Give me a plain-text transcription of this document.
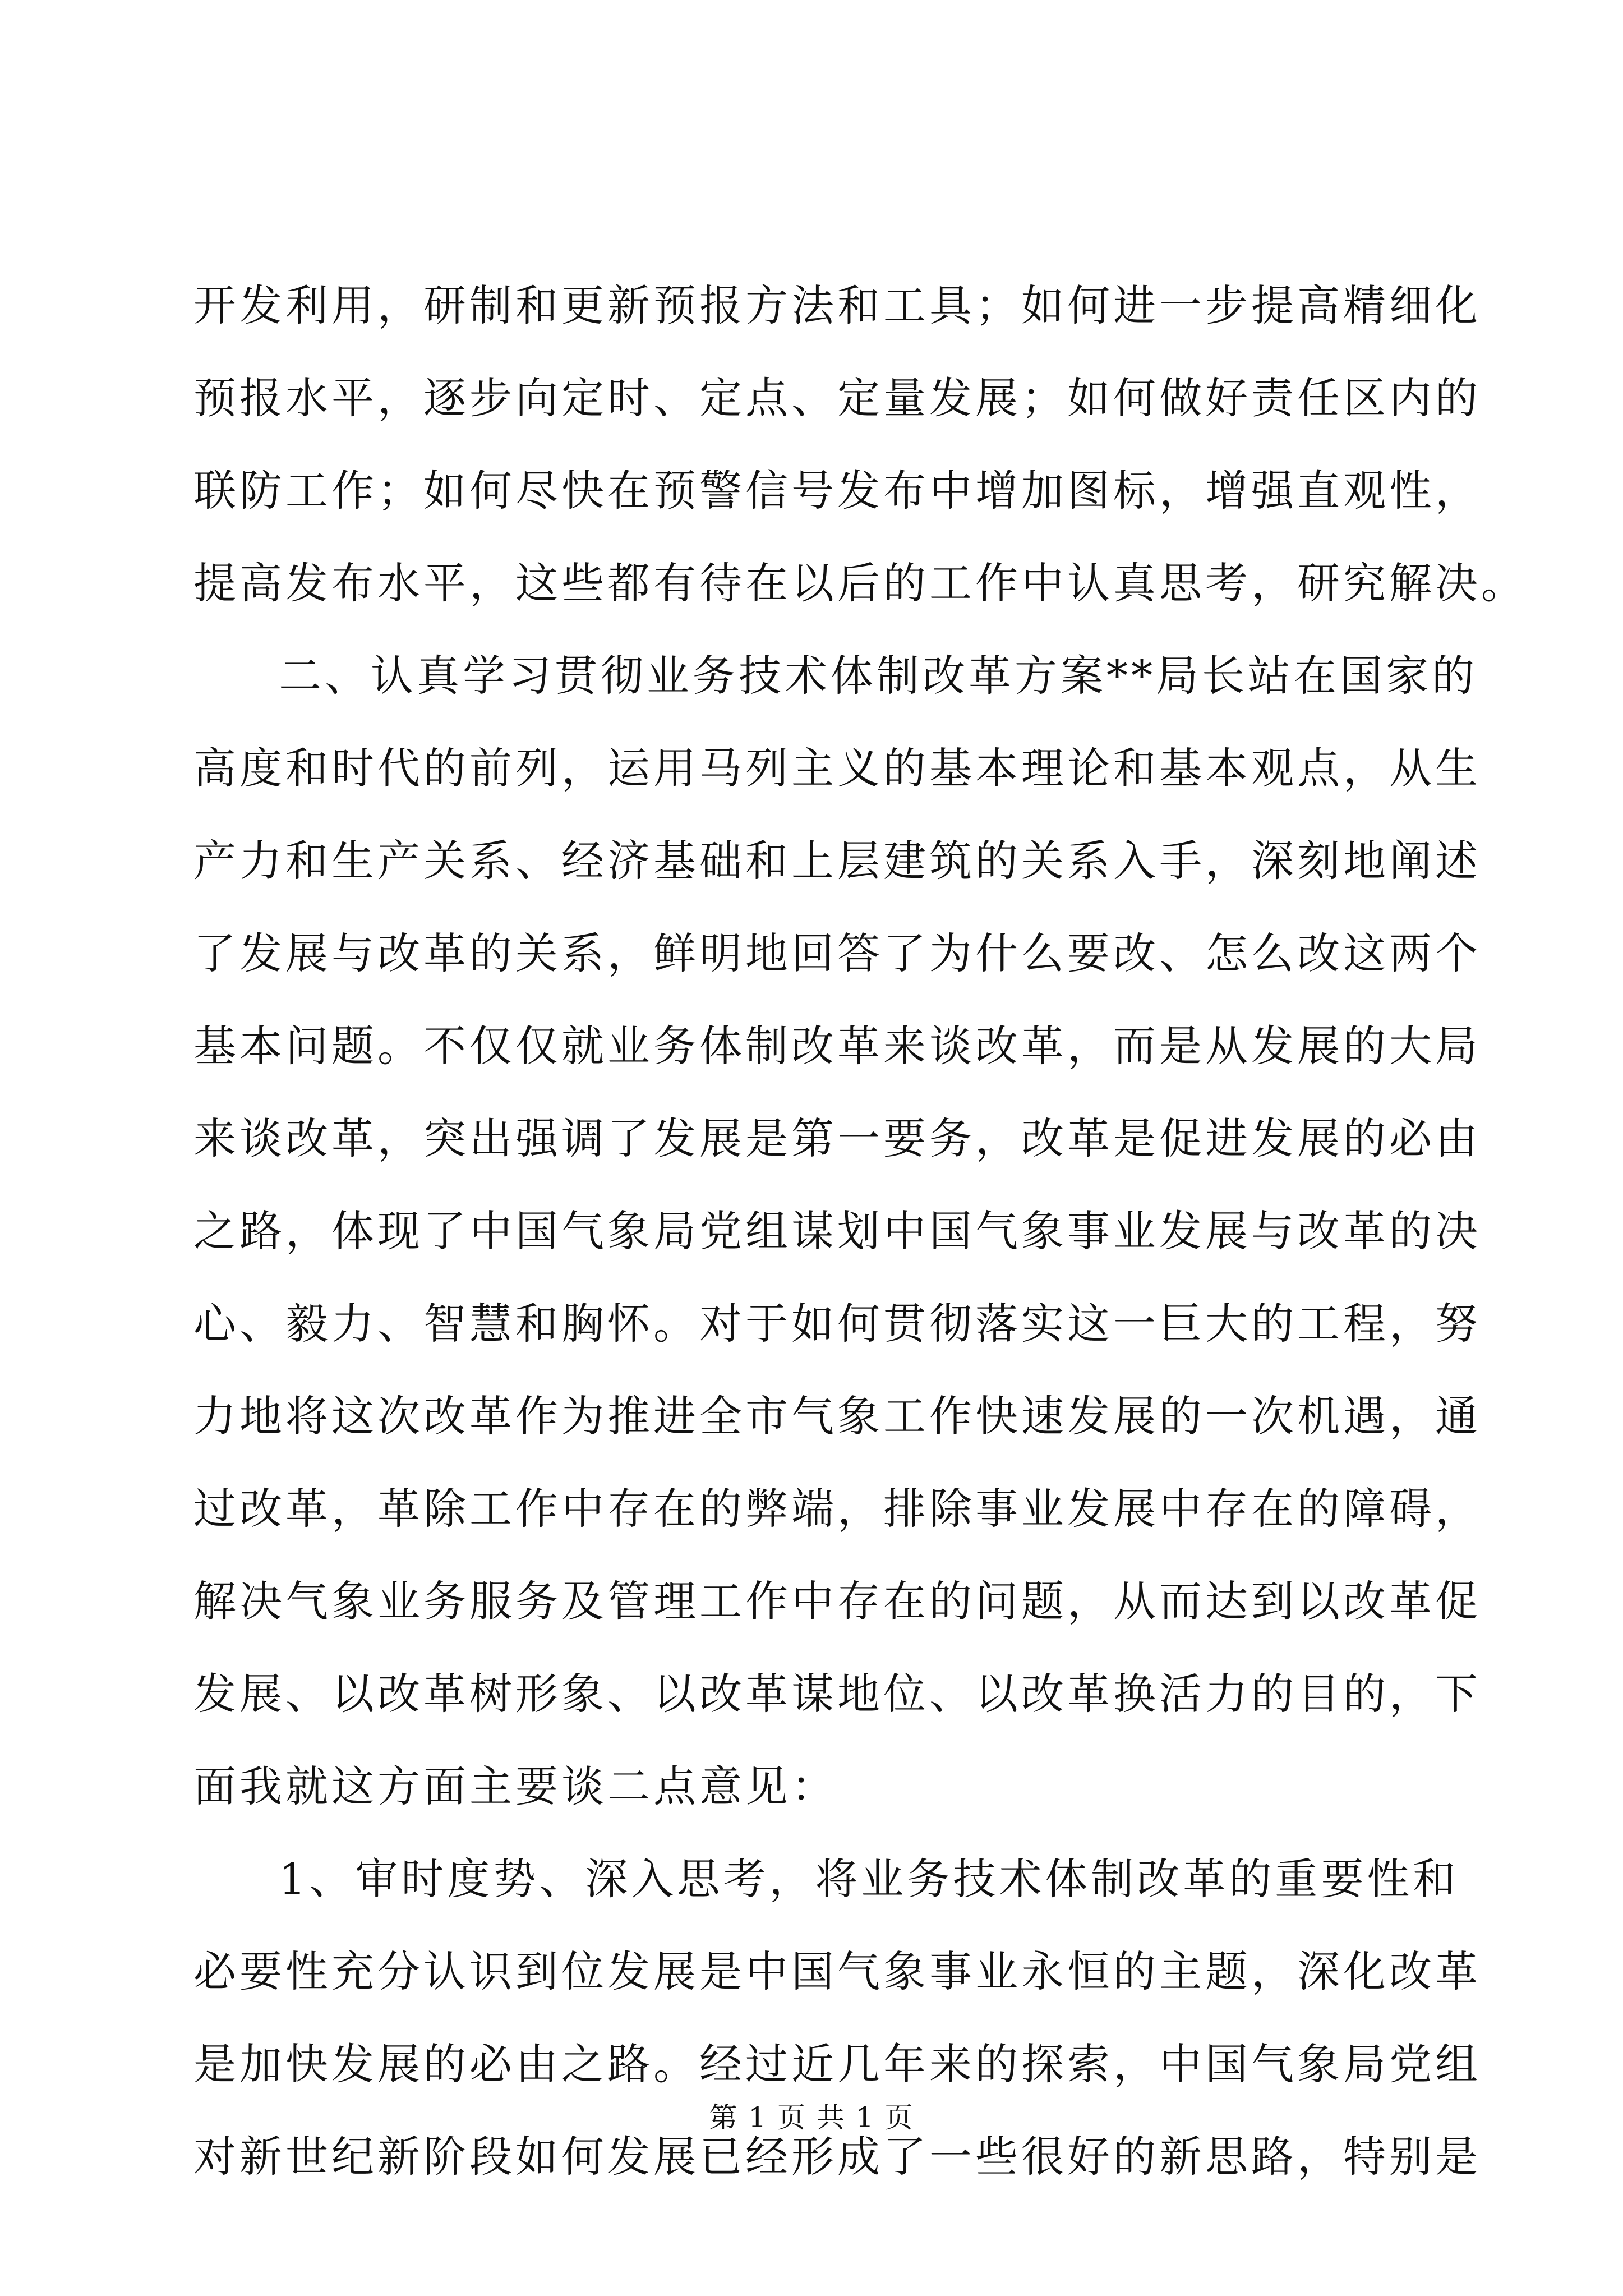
开发利用，研制和更新预报方法和工具；如何进一步提高精细化
预报水平，逐步向定时、定点、定量发展；如何做好责任区内的
联防工作；如何尽快在预警信号发布中增加图标，增强直观性，
提高发布水平，这些都有待在以后的工作中认真思考，研究解决。
二、认真学习贯彻业务技术体制改革方案**局长站在国家的
高度和时代的前列，运用马列主义的基本理论和基本观点，从生
产力和生产关系、经济基础和上层建筑的关系入手，深刻地阐述
了发展与改革的关系，鲜明地回答了为什么要改、怎么改这两个
基本问题。不仅仅就业务体制改革来谈改革，而是从发展的大局
来谈改革，突出强调了发展是第一要务，改革是促进发展的必由
之路，体现了中国气象局党组谋划中国气象事业发展与改革的决
心、毅力、智慧和胸怀。对于如何贯彻落实这一巨大的工程，努
力地将这次改革作为推进全市气象工作快速发展的一次机遇，通
过改革，革除工作中存在的弊端，排除事业发展中存在的障碍，
解决气象业务服务及管理工作中存在的问题，从而达到以改革促
发展、以改革树形象、以改革谋地位、以改革换活力的目的，下
面我就这方面主要谈二点意见：
1、审时度势、深入思考，将业务技术体制改革的重要性和
必要性充分认识到位发展是中国气象事业永恒的主题，深化改革
是加快发展的必由之路。经过近几年来的探索，中国气象局党组
对新世纪新阶段如何发展已经形成了一些很好的新思路，特别是
第 1 页 共 1 页
